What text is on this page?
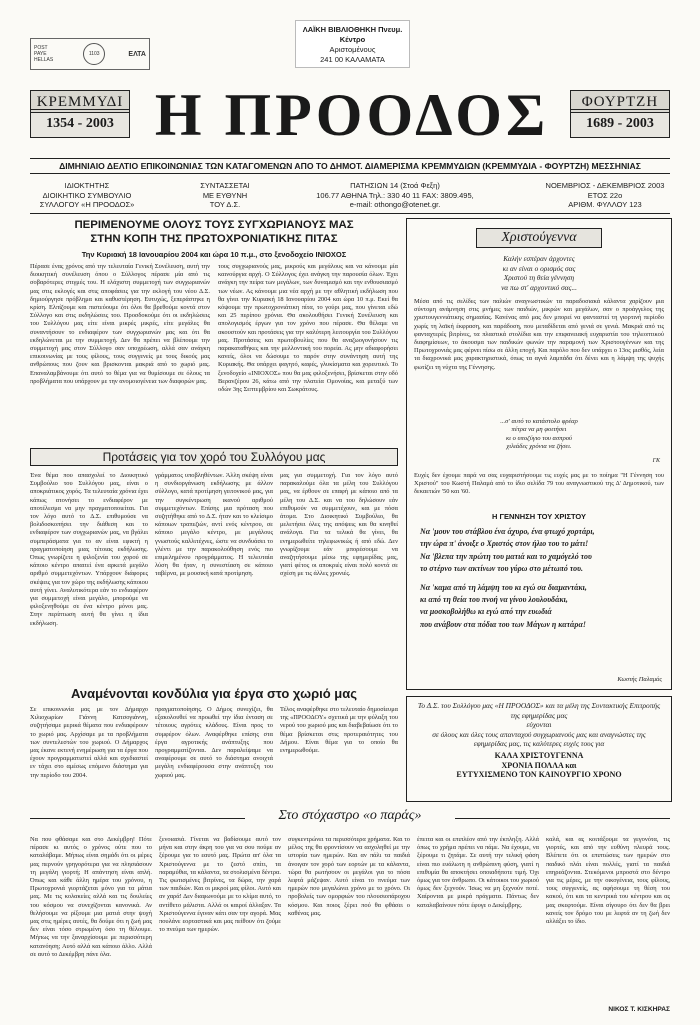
POST PAYE HELLAS
1103	ΕΛΤΑ
ΛΑΪΚΗ ΒΙΒΛΙΟΘΗΚΗ Πνευμ. Κέντρο
Αριστομένους
241 00 ΚΑΛΑΜΑΤΑ
ΚΡΕΜΜΥΔΙ
1354 - 2003 Η ΠΡΟΟΔΟΣ	ΦΟΥΡΤΖΗ
1689 - 2003
ΔΙΜΗΝΙΑΙΟ ΔΕΛΤΙΟ ΕΠΙΚΟΙΝΩΝΙΑΣ ΤΩΝ ΚΑΤΑΓΟΜΕΝΩΝ ΑΠΟ ΤΟ ΔΗΜΟΤ. ΔΙΑΜΕΡΙΣΜΑ ΚΡΕΜΜΥΔΙΩΝ (ΚΡΕΜΜΥΔΙΑ - ΦΟΥΡΤΖΗ) ΜΕΣΣΗΝΙΑΣ
ΙΔΙΟΚΤΗΤΗΣ
ΔΙΟΙΚΗΤΙΚΟ ΣΥΜΒΟΥΛΙΟ
ΣΥΛΛΟΓΟΥ «Η ΠΡΟΟΔΟΣ»
ΣΥΝΤΑΣΣΕΤΑΙ
ΜΕ ΕΥΘΥΝΗ
ΤΟΥ Δ.Σ.
ΠΑΤΗΣΙΩΝ 14 (Στοά Φεξη)
106.77 ΑΘΗΝΑ Τηλ.: 330 40 11 FAX: 3809.495,
e-mail: othongo@otenet.gr.
ΝΟΕΜΒΡΙΟΣ - ΔΕΚΕΜΒΡΙΟΣ 2003
ΕΤΟΣ 22ο
ΑΡΙΘΜ. ΦΥΛΛΟΥ 123
ΠΕΡΙΜΕΝΟΥΜΕ ΟΛΟΥΣ ΤΟΥΣ ΣΥΓΧΩΡΙΑΝΟΥΣ ΜΑΣ
ΣΤΗΝ ΚΟΠΗ ΤΗΣ ΠΡΩΤΟΧΡΟΝΙΑΤΙΚΗΣ ΠΙΤΑΣ
Την Κυριακή 18 Ιανουαρίου 2004 και ώρα 10 π.μ., στο ξενοδοχείο ΙΝΙΟΧΟΣ
Πέρασε ένας χρόνος από την τελευταία Γενική Συνέλευση, αυτή την διοικητική συνέλευση όπου ο Σύλλογος πέρασε μία από τις σοβαρότερες στιγμές του. Η ελάχιστη συμμετοχή των συγχωριανών μας στις εκλογές και στις αποφάσεις για την εκλογή του νέου Δ.Σ. δημιούργησε πρόβλημα και καθυστέρηση. Ευτυχώς, ξεπεράστηκε η κρίση. Ελπίζουμε και πιστεύουμε ότι όλοι θα βρεθούμε κοντά στον Σύλλογο και στις εκδηλώσεις του. Προσδοκούμε ότι οι εκδηλώσεις του Συλλόγου μας είτε είναι μικρές μικρές, είτε μεγάλες θα συναντήσουν το ενδιαφέρον των συγχωριανών μας και ότι θα εκδηλώνεται με την συμμετοχή. Δεν θα πρέπει να βλέπουμε την συμμετοχή μας στον Σύλλογο σαν υποχρέωση, αλλά σαν ανάγκη επικοινωνίας με τους φίλους, τους συγγενείς με τους δικούς μας ανθρώπους που ζουν και βρισκονται μακριά από το χωριό μας. Επαναλαμβάνουμε ότι αυτό το θέμα για να θυμίσουμε σε όλους τα προβλήματα που υπάρχουν με την ανομοιογένεια των διαφορών μας.
τους συγχωριανούς μας, μικρούς και μεγάλους και να κάνουμε μία καινούργια αρχή. Ο Σύλλογος έχει ανάγκη την παρουσία όλων. Έχει ανάγκη την πείρα των μεγάλων, των δυναμισμό και την ενθουσιασμό των νέων. Ας κάνουμε μια νέα αρχή με την αθλητική εκδήλωση που θα γίνει την Κυριακή 18 Ιανουαρίου 2004 και ώρα 10 π.μ. Εκεί θα κόψουμε την πρωτοχρονιάτικη πίτα, το γούρι μας, που γίνεται εδώ και 25 περίπου χρόνια. Θα ακολουθήσει Γενική Συνέλευση και απολογισμός έργων για τον χρόνο που πέρασε. Θα θέλαμε να ακουστούν και προτάσεις για την καλύτερη λειτουργία του Συλλόγου μας. Προτάσεις και πρωτοβουλίες που θα αναζωογονήσουν τις παρακαταθήκες και την μελλοντική του πορεία. Ας μην αδιαφορήσει κανείς, όλοι να δώσουμε το παρόν στην συνάντηση αυτή της Κυριακής. Θα υπάρχει φαγητό, καφές, γλυκίσματα και χορευτικό. Το ξενοδοχείο «ΙΝΙΟΧΟΣ» που θα μας φιλοξενήσει, βρίσκεται στην οδό Βερανζέρου 26, κάτω από την πλατεία Ομονοίας, και μεταξύ των οδών 3ης Σεπτεμβρίου και Σωκράτους.
Χριστούγεννα
Καλήν εσπέραν άρχοντες
κι αν είναι ο ορισμός σας
Χριστού τη θεία γέννηση
να πω στ' αρχοντικό σας...
Μέσα από τις σελίδες των παλιών αναγνωστικών τα παραδοσιακά κάλαντα χαρίζουν μια σύντομη ανάμνηση στις μνήμες των παιδιών, μικρών και μεγάλων, σαν ο προάγγελος της χριστουγεννιάτικης σημασίας. Κανένας από μας δεν μπορεί να φανταστεί τη γιορτινή περίοδο χωρίς τη λαϊκή έκφραση, και παράδοση, που μεταδίδεται από γενιά σε γενιά. Μακριά από τις φανταχτερές βιτρίνες, τα πλαστικά στολίδια και την επιφανειακή ευχαριστία του τηλεοπτικού διαφημίσεων, το άκουσμα των παιδικών φωνών την παραμονή των Χριστουγέννων και της Πρωτοχρονιάς μας φέρνει πίσω σε άλλη εποχή. Και παρόλο που δεν υπάρχει ο 13ος μισθός, λεία τα διαχρονικά μας χαρακτηριστικά, όπως τα αγνά λαμπάδα ότι δένει και η λάμψη της ψυχής φωτίζει τη νύχτα της Γέννησης.
...σ' αυτό το κατάστολο φρέαρ
πέτρα να μη φοιτήσει
κι ο υποζύγιο του ασπρού
χιλιάδες χρόνια να ζήσει.
ΓΚ
Ευχές δεν έχουμε παρά να σας ευχαριστήσουμε τις ευχές μας με το ποίημα "Η Γέννηση του Χριστού" του Κωστή Παλαμά από το ίδιο σελίδα 79 του αναγνωστικού της Δ' Δημοτικού, των δεκαετιών '50 και '60.
Η ΓΕΝΝΗΣΗ ΤΟΥ ΧΡΙΣΤΟΥ
Να 'μουν του στάβλου ένα άχυρο, ένα φτωχό χορτάρι,
την ώρα π' άνοιξε ο Χριστός στον ήλιο του το μάτι!
Να 'βλεπα την πρώτη του ματιά και το χαμόγελό του
το στέρνο των ακτίνων του γύρω στο μέτωπό του.
Να 'καμα από τη λάμψη του κι εγώ σα διαμαντάκι,
κι από τη θεία του πνοή να γίνου λουλουδάκι,
να μοσκοβολήθω κι εγώ από την ευωδιά
που ανάβουν στα πόδια του των Μάγων η κατάρα!
Κωστής Παλαμάς
Προτάσεις για τον χορό του Συλλόγου μας
Ένα θέμα που απασχολεί το Διοικητικό Συμβούλιο του Συλλόγου μας, είναι ο αποκριάτικος χορός. Τα τελευταία χρόνια έχει κάπως ατονήσει το ενδιαφέρον με αποτέλεσμα να μην πραγματοποιείται. Για τον λόγο αυτό το Δ.Σ. επιθυμούσε να βολιδοσκοπήσει την διάθεση και το ενδιαφέρον των συγχωριανών μας, να βγάλει συμπεράσματα για το αν είναι εφικτή η πραγματοποίηση μιας τέτοιας εκδήλωσης. Όπως γνωρίζετε η φιλοξενία του χορού σε κάποιο κέντρο απαιτεί ένα αρκετά μεγάλο αριθμό συμμετεχόντων. Υπάρχουν διάφορες σκέψεις για τον χώρο της εκδήλωσης κάποιου αυτή γίνει. Αναλυτικότερα εάν το ενδιαφέρον για συμμετοχή είναι μεγάλο, μπορούμε να φιλοξενηθούμε σε ένα κέντρο μόνοι μας. Στην περίπτωση αυτή θα γίνει η ίδια εκδήλωση.
γράμματος υποβληθέντων. Άλλη σκέψη είναι η συνδιοργάνωση εκδήλωσης με άλλον σύλλογο, κατά προτίμηση γειτονικού μας, για την συγκέντρωση ικανού αριθμού συμμετεχόντων. Επίσης μια πρόταση που συζητήθηκε από το Δ.Σ. ήταν και το κλείσιμο κάποιων τραπεζιών, αντί ενός κέντρου, σε κάποιο μεγάλο κέντρο, με μεγάλους γνωστούς καλλιτέχνες, ώστε να συνδυάσει το γλέντι με την παρακολούθηση ενός πιο επιμελημένου προγράμματος. Η τελευταία λύση θα ήταν, η συνεστίαση σε κάποιο ταβέρνα, με μουσική κατά προτίμηση.
μας για συμμετοχή. Για τον λόγο αυτό παρακαλούμε όλα τα μέλη του Συλλόγου μας, να έρθουν σε επαφή με κάποιο από τα μέλη του Δ.Σ. και να του δηλώσουν εάν επιθυμούν να συμμετέχουν, και με πόσα άτομα. Στο Διοικητικό Συμβούλιο, θα μελετήσει όλες της απόψεις και θα κινηθεί ανάλογα. Για τα τελικά θα γίνει, θα ενημερωθείτε τηλεφωνικώς ή από εδώ. Δεν γνωρίζουμε εάν μπορέσουμε να αναζητήσουμε μέσω της εφημερίδας μας, γιατί φέτος οι αποκριές είναι πολύ κοντά σε σχέση με τις άλλες χρονιές.
Αναμένονται κονδύλια για έργα στο χωριό μας
Σε επικοινωνία μας με τον Δήμαρχο Χιλιοχωρίων Γιάννη Κατσογιάννη, συζητήσαμε μερικά θέματα που ενδιαφέρουν το χωριό μας. Αρχίσαμε με τα προβλήματα των συντελεστών του χωριού. Ο Δήμαρχος μας έκανε εκτενή ενημέρωση για τα έργα που έχουν προγραμματιστεί αλλά και σχεδιαστεί εν τάχει στο αμέσως επόμενο διάστημα για την περίοδο του 2004.
πραγματοποίησης. Ο Δήμος συνεχίζει, θα εξακολουθεί να προωθεί την ίδια ένταση σε τέτοιους αγρότες κλάδους. Είναι προς το συμφέρον όλων. Αναφέρθηκε επίσης στα έργα αγροτικής ανάπτυξης που προγραμματίζονται. Δεν παραλείψαμε να αναφέρουμε σε αυτό το διάστημα ανοιχτά μεγάλη ενδιαφέρουσα στην ανάπτυξη του χωριού μας.
Τέλος αναφέρθηκε στο τελευταίο δημοσίευμα της «ΠΡΟΟΔΟΥ» σχετικά με την φύλαξη του νερού του χωριού μας και διαβεβαίωσε ότι το θέμα βρίσκεται στις προτεραιότητες του Δήμου. Είναι θέμα για το οποίο θα ενημερωθούμε.
Το Δ.Σ. του Συλλόγου μας «Η ΠΡΟΟΔΟΣ» και τα μέλη της Συντακτικής Επιτροπής της εφημερίδας μας
εύχονται
σε όλους και όλες τους απανταχού συγχωριανούς μας και αναγνώστες της εφημερίδας μας, τις καλύτερες ευχές τους για
ΚΑΛΑ ΧΡΙΣΤΟΥΓΕΝΝΑ
ΧΡΟΝΙΑ ΠΟΛΛΑ και
ΕΥΤΥΧΙΣΜΕΝΟ ΤΟΝ ΚΑΙΝΟΥΡΓΙΟ ΧΡΟΝΟ
Στο στόχαστρο «ο παράς»
Να που φθάσαμε και στο Δεκέμβρη! Πότε πέρασε κι αυτός ο χρόνος ούτε που το καταλάβαμε. Μήπως είναι σημάδι ότι οι μέρες μας περνούν γρηγορότερα για να πλησιάσουν τη μεγάλη γιορτή; Η απάντηση είναι απλή. Όπως και κάθε άλλη ημέρα του χρόνου, η Πρωτοχρονιά γιορτάζεται μόνο για τα μάτια μας. Με τις κολακείες αλλά και τις δουλείες του κόσμου να συνεχίζονται κανονικά. Αν θελήσουμε να ρίξουμε μια ματιά στην ψυχή μας στις ημέρες αυτές, θα δούμε ότι η ζωή μας δεν είναι τόσο στρωμένη όσο τη θέλουμε. Μήπως να την ξαναρχίσουμε με περισσότερη κατανόηση; Αυτό αλλά και κάποιο άλλο. Αλλά σε αυτό το Δεκέμβρη πάνε όλα.
ξενοιασιά. Γίνεται να βαδίσουμε αυτό τον μήνα και στην άκρη του για να σου πούμε αν ξέρουμε για το εαυτό μας. Πρώτα απ' όλα τα Χριστούγεννα με το ζεστό σπίτι, τα παραμύθια, τα κάλαντα, τα στολισμένα δέντρα. Τις φωτισμένες βιτρίνες, τα δώρα, την χαρά των παιδιών. Και οι μικροί μας φίλοι. Αυτό και αν χαρά! Δεν διαφωνούμε με το κλίμα αυτό, το αντίθετο μάλιστα. Αλλά οι καιροί άλλαξαν. Τα Χριστούγεννα έγιναν κάτι σαν την αγορά. Μας πουλάνε εορταστικά και μας πείθουν ότι ζούμε το πνεύμα των ημερών.
συγκεντρώνει τα περισσότερα χρήματα. Και το μέλος της θα φροντίσουν να ασχοληθεί με την ιστορία των ημερών. Και αν πάλι τα παιδιά άνοιγαν τον χορό των εορτών με τα κάλαντα, τώρα θα ρωτήσουν οι μεγάλοι για το πόσα λεφτά μάζεψαν. Αυτό είναι το πνεύμα των ημερών που μεγαλώνει χρόνο με το χρόνο. Οι προβολείς των ομορφιών του πλουσιοπάροχου κόσμου. Και ποιος ξέρει πού θα φθάσει ο καθένας μας.
έπειτα και οι επιπλέον από την έκπληξη. Αλλά όπως το χρήμα πρέπει να πάμε. Να έχουμε, να ξέρουμε τι ζητάμε. Σε αυτή την τελική φάση είναι πιο ευάλωτη η ανθρώπινη φύση, γιατί η επιθυμία θα αποκτήσει οποιαδήποτε τιμή. Όχι όμως για τον άνθρωπο. Οι κάτοικοι του χωριού όμως δεν ξεχνούν. Ίσως να μη ξεχνούν ποτέ. Χαίρονται με μικρά πράγματα. Πάντως δεν καταλαβαίνουν πότε έφυγε ο Δεκέμβρης.
καλά, και ας κοιτάξουμε τα γεγονότα, τις γιορτές, και από την ευθύνη πλευρά τους. Βλέπετε ότι οι επιπτώσεις των ημερών στο παιδικό πλάι είναι πολλές, γιατί τα παιδιά επηρεάζονται. Στεκόμενοι μπροστά στο δέντρο για τις μέρες, με την οικογένεια, τους φίλους, τους συγγενείς, ας αφήσουμε τη θέση του κακού, ότι και τα κεντρικά του κέντρου και ας μας σκεφτούμε. Είναι σίγουρο ότι δεν θα βρει κανείς τον δρόμο του με λεφτά αν τη ζωή δεν αλλάξει το ίδιο.
ΝΙΚΟΣ Τ. ΚΙΣΚΗΡΑΣ
